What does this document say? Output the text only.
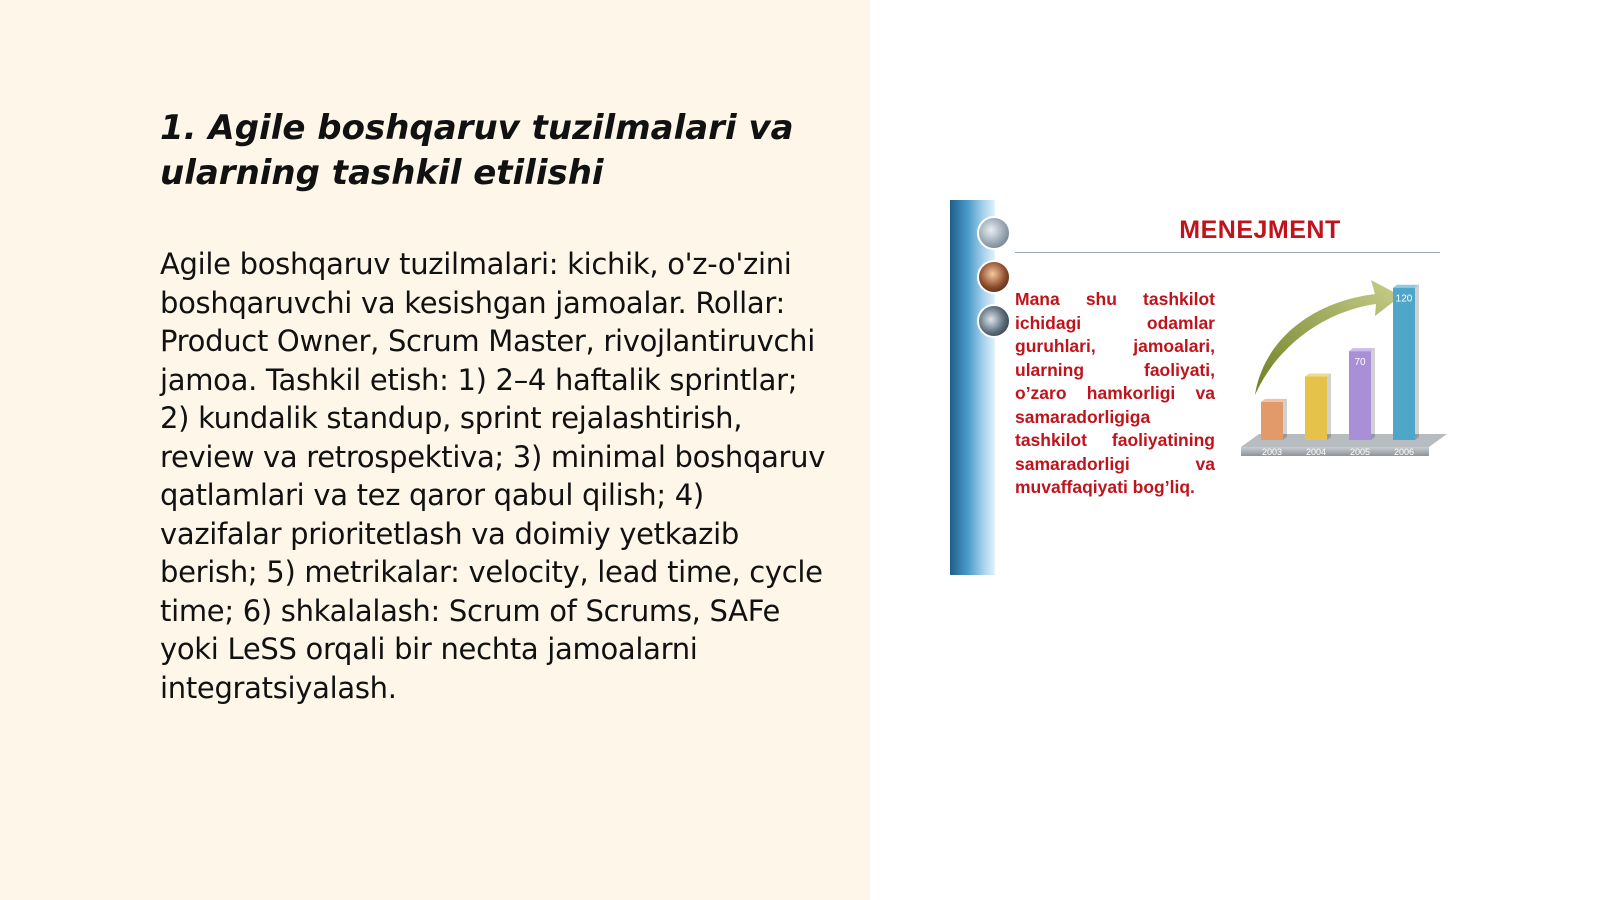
1. Agile boshqaruv tuzilmalari va ularning tashkil etilishi

Agile boshqaruv tuzilmalari: kichik, o'z-o'zini boshqaruvchi va kesishgan jamoalar. Rollar: Product Owner, Scrum Master, rivojlantiruvchi jamoa. Tashkil etish: 1) 2–4 haftalik sprintlar; 2) kundalik standup, sprint rejalashtirish, review va retrospektiva; 3) minimal boshqaruv qatlamlari va tez qaror qabul qilish; 4) vazifalar prioritetlash va doimiy yetkazib berish; 5) metrikalar: velocity, lead time, cycle time; 6) shkalalash: Scrum of Scrums, SAFe yoki LeSS orqali bir nechta jamoalarni integratsiyalash.

MENEJMENT
Mana shu tashkilot ichidagi odamlar guruhlari, jamoalari, ularning faoliyati, o’zaro hamkorligi va samaradorligiga tashkilot faoliyatining samaradorligi va muvaffaqiyati bog’liq.
2003	2004	2005
70
2006
120
